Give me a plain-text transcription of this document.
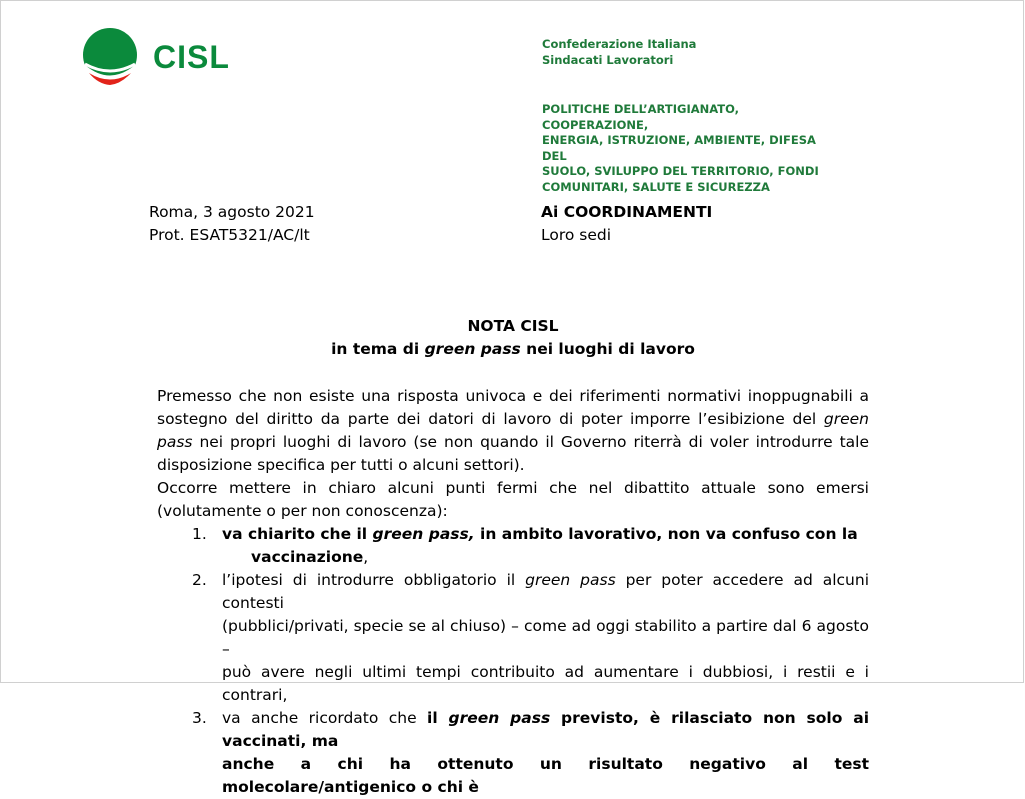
CISL	Confederazione Italiana
Sindacati Lavoratori
POLITICHE DELL’ARTIGIANATO, COOPERAZIONE,
ENERGIA, ISTRUZIONE, AMBIENTE, DIFESA DEL
SUOLO, SVILUPPO DEL TERRITORIO, FONDI
COMUNITARI, SALUTE E SICUREZZA
Roma, 3 agosto 2021
Prot. ESAT5321/AC/lt
Ai COORDINAMENTI
Loro sedi
NOTA CISL
in tema di green pass nei luoghi di lavoro

Premesso che non esiste una risposta univoca e dei riferimenti normativi inoppugnabili a sostegno del diritto da parte dei datori di lavoro di poter imporre l’esibizione del green pass nei propri luoghi di lavoro (se non quando il Governo riterrà di voler introdurre tale disposizione specifica per tutti o alcuni settori).

Occorre mettere in chiaro alcuni punti fermi che nel dibattito attuale sono emersi (volutamente o per non conoscenza):

1. va chiarito che il green pass, in ambito lavorativo, non va confuso con la
vaccinazione,
2. l’ipotesi di introdurre obbligatorio il green pass per poter accedere ad alcuni contesti
(pubblici/privati, specie se al chiuso) – come ad oggi stabilito a partire dal 6 agosto –
può avere negli ultimi tempi contribuito ad aumentare i dubbiosi, i restii e i contrari,
3. va anche ricordato che il green pass previsto, è rilasciato non solo ai vaccinati, ma
anche a chi ha ottenuto un risultato negativo al test molecolare/antigenico o chi è
